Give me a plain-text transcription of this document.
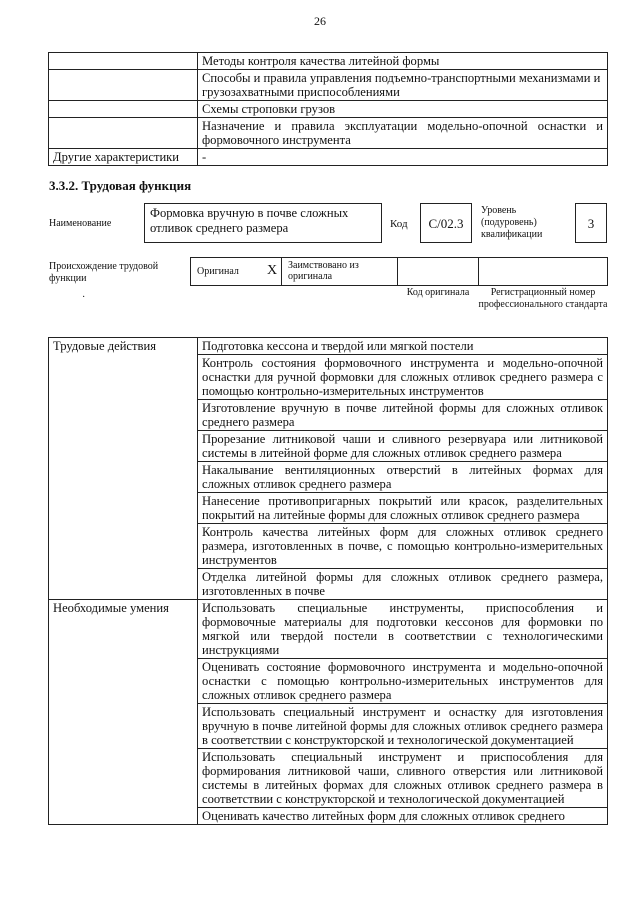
26
	Методы контроля качества литейной формы
	Способы и правила управления подъемно-транспортными механизмами и грузозахватными приспособлениями
	Схемы строповки грузов
	Назначение и правила эксплуатации модельно-опочной оснастки и формовочного инструмента
Другие характеристики	-
3.3.2. Трудовая функция
Наименование
Формовка вручную в почве сложных отливок среднего размера	Код	С/02.3
Уровень (подуровень) квалификации
3
Происхождение трудовой функции
Оригинал X	Заимствовано из оригинала
Код оригинала	Регистрационный номер профессионального стандарта
·
Трудовые действия	Подготовка кессона и твердой или мягкой постели
	Контроль состояния формовочного инструмента и модельно-опочной оснастки для ручной формовки для сложных отливок среднего размера с помощью контрольно-измерительных инструментов
	Изготовление вручную в почве литейной формы для сложных отливок среднего размера
	Прорезание литниковой чаши и сливного резервуара или литниковой системы в литейной форме для сложных отливок среднего размера
	Накалывание вентиляционных отверстий в литейных формах для сложных отливок среднего размера
	Нанесение противопригарных покрытий или красок, разделительных покрытий на литейные формы для сложных отливок среднего размера
	Контроль качества литейных форм для сложных отливок среднего размера, изготовленных в почве, с помощью контрольно-измерительных инструментов
	Отделка литейной формы для сложных отливок среднего размера, изготовленных в почве
Необходимые умения	Использовать специальные инструменты, приспособления и формовочные материалы для подготовки кессонов для формовки по мягкой или твердой постели в соответствии с технологическими инструкциями
	Оценивать состояние формовочного инструмента и модельно-опочной оснастки с помощью контрольно-измерительных инструментов для сложных отливок среднего размера
	Использовать специальный инструмент и оснастку для изготовления вручную в почве литейной формы для сложных отливок среднего размера в соответствии с конструкторской и технологической документацией
	Использовать специальный инструмент и приспособления для формирования литниковой чаши, сливного отверстия или литниковой системы в литейных формах для сложных отливок среднего размера в соответствии с конструкторской и технологической документацией
	Оценивать качество литейных форм для сложных отливок среднего
